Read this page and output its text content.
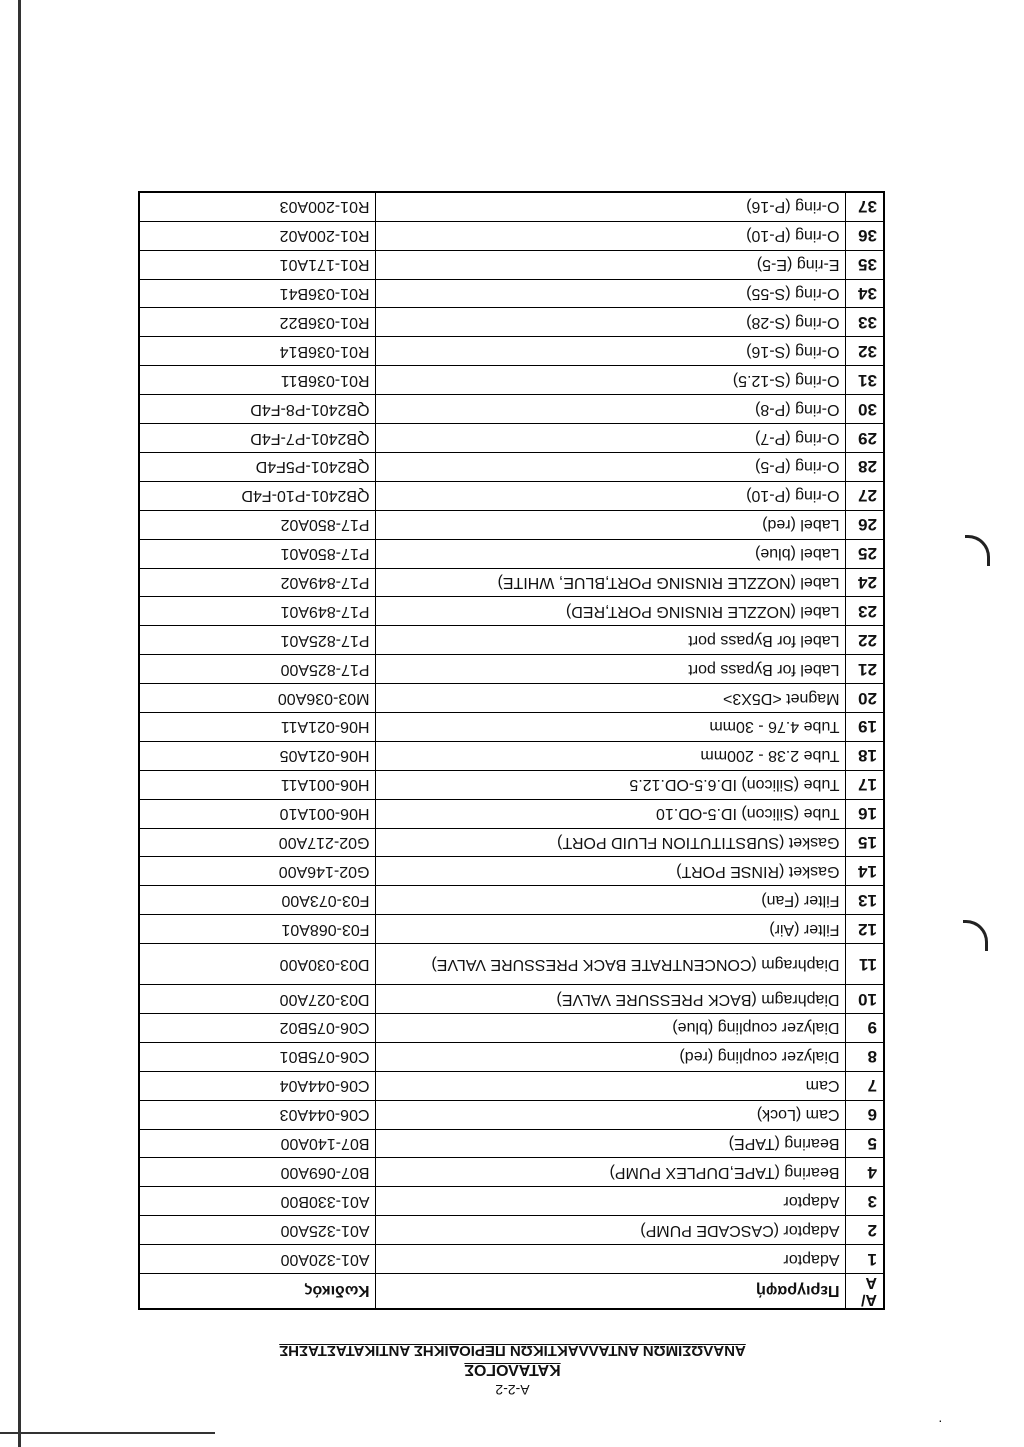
·
A-2-2
ΚΑΤΑΛΟΓΟΣ
ΑΝΑΛΩΣΙΜΩΝ ΑΝΤΑΛΛΑΚΤΙΚΩΝ ΠΕΡΙΟΔΙΚΗΣ ΑΝΤΙΚΑΤΑΣΤΑΣΗΣ
Α/Α	Περιγραφή	Κωδικός
1	Adaptor	A01-320A00
2	Adaptor (CASCADE PUMP)	A01-325A00
3	Adaptor	A01-330B00
4	Bearing (TAPE,DUPLEX PUMP)	B07-069A00
5	Bearing (TAPE)	B07-140A00
6	Cam (Lock)	C06-044A03
7	Cam	C06-044A04
8	Dialyzer coupling (red)	C06-075B01
9	Dialyzer coupling (blue)	C06-075B02
10	Diaphragm (BACK PRESSURE VALVE)	D03-027A00
11	Diaphragm (CONCENTRATE BACK PRESSURE VALVE)	D03-030A00
12	Filter (Air)	F03-068A01
13	Filter (Fan)	F03-073A00
14	Gasket (RINSE PORT)	G02-146A00
15	Gasket (SUBSTITUTION FLUID PORT)	G02-217A00
16	Tube (Silicon) ID.5-OD.10	H06-001A10
17	Tube (Silicon) ID.6.5-OD.12.5	H06-001A11
18	Tube 2.38 - 200mm	H06-021A05
19	Tube 4.76 - 30mm	H06-021A11
20	Magnet <D5X3>	M03-036A00
21	Label for Bypass port	P17-825A00
22	Label for Bypass port	P17-825A01
23	Label (NOZZLE RINSING PORT,RED)	P17-849A01
24	Label (NOZZLE RINSING PORT,BLUE, WHITE)	P17-849A02
25	Label (blue)	P17-850A01
26	Label (red)	P17-850A02
27	O-ring (P-10)	QB2401-P10-F4D
28	O-ring (P-5)	QB2401-P5F4D
29	O-ring (P-7)	QB2401-P7-F4D
30	O-ring (P-8)	QB2401-P8-F4D
31	O-ring (S-12.5)	R01-036B11
32	O-ring (S-16)	R01-036B14
33	O-ring (S-28)	R01-036B22
34	O-ring (S-55)	R01-036B41
35	E-ring (E-5)	R01-171A01
36	O-ring (P-10)	R01-200A02
37	O-ring (P-16)	R01-200A03
